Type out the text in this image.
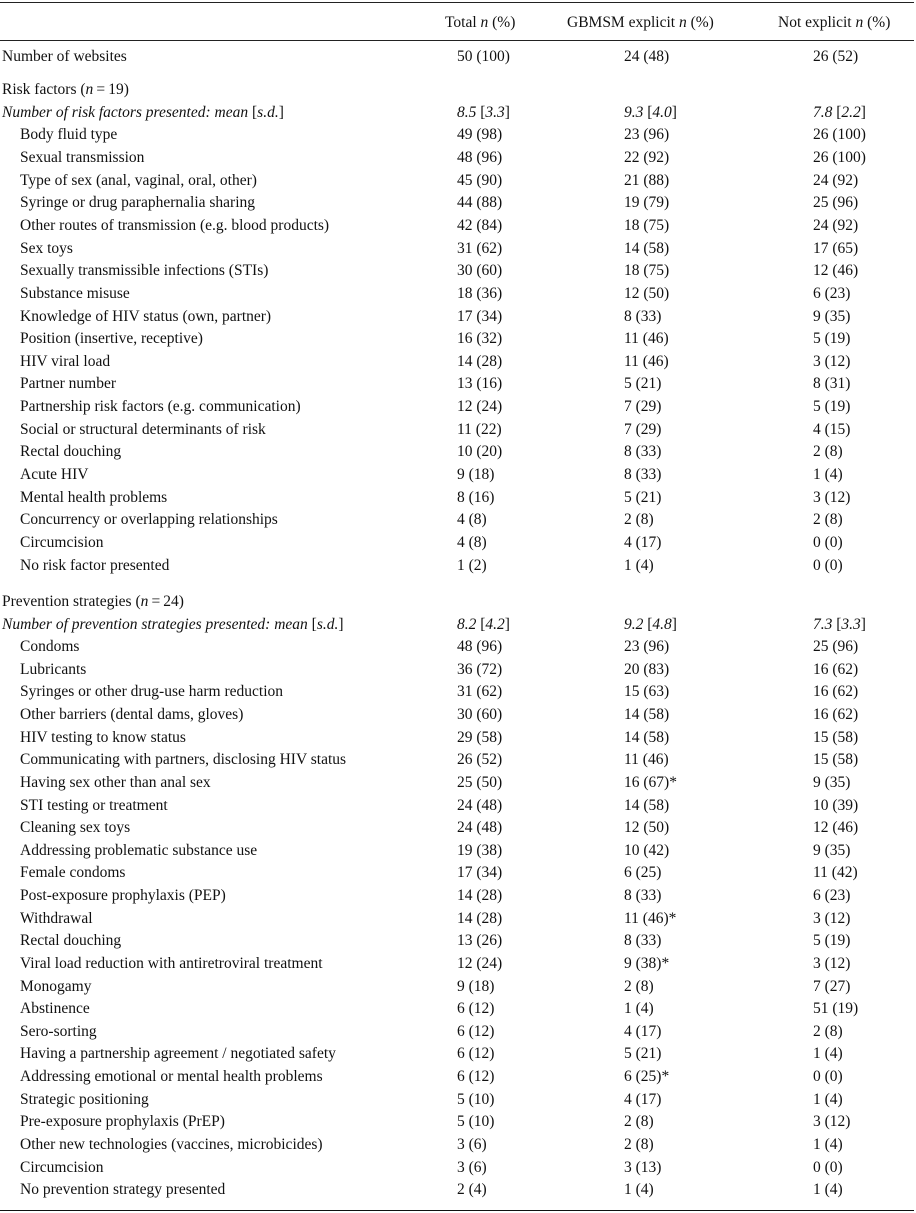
Total n (%)	GBMSM explicit n (%)	Not explicit n (%)
Number of websites	50 (100)	24 (48)	26 (52)
Risk factors (n = 19)
Number of risk factors presented: mean [s.d.]	8.5 [3.3]	9.3 [4.0]	7.8 [2.2]
Body fluid type	49 (98)	23 (96)	26 (100)
Sexual transmission	48 (96)	22 (92)	26 (100)
Type of sex (anal, vaginal, oral, other)	45 (90)	21 (88)	24 (92)
Syringe or drug paraphernalia sharing	44 (88)	19 (79)	25 (96)
Other routes of transmission (e.g. blood products)	42 (84)	18 (75)	24 (92)
Sex toys	31 (62)	14 (58)	17 (65)
Sexually transmissible infections (STIs)	30 (60)	18 (75)	12 (46)
Substance misuse	18 (36)	12 (50)	6 (23)
Knowledge of HIV status (own, partner)	17 (34)	8 (33)	9 (35)
Position (insertive, receptive)	16 (32)	11 (46)	5 (19)
HIV viral load	14 (28)	11 (46)	3 (12)
Partner number	13 (16)	5 (21)	8 (31)
Partnership risk factors (e.g. communication)	12 (24)	7 (29)	5 (19)
Social or structural determinants of risk	11 (22)	7 (29)	4 (15)
Rectal douching	10 (20)	8 (33)	2 (8)
Acute HIV	9 (18)	8 (33)	1 (4)
Mental health problems	8 (16)	5 (21)	3 (12)
Concurrency or overlapping relationships	4 (8)	2 (8)	2 (8)
Circumcision	4 (8)	4 (17)	0 (0)
No risk factor presented	1 (2)	1 (4)	0 (0)
Prevention strategies (n = 24)
Number of prevention strategies presented: mean [s.d.]	8.2 [4.2]	9.2 [4.8]	7.3 [3.3]
Condoms	48 (96)	23 (96)	25 (96)
Lubricants	36 (72)	20 (83)	16 (62)
Syringes or other drug-use harm reduction	31 (62)	15 (63)	16 (62)
Other barriers (dental dams, gloves)	30 (60)	14 (58)	16 (62)
HIV testing to know status	29 (58)	14 (58)	15 (58)
Communicating with partners, disclosing HIV status	26 (52)	11 (46)	15 (58)
Having sex other than anal sex	25 (50)	16 (67)*	9 (35)
STI testing or treatment	24 (48)	14 (58)	10 (39)
Cleaning sex toys	24 (48)	12 (50)	12 (46)
Addressing problematic substance use	19 (38)	10 (42)	9 (35)
Female condoms	17 (34)	6 (25)	11 (42)
Post-exposure prophylaxis (PEP)	14 (28)	8 (33)	6 (23)
Withdrawal	14 (28)	11 (46)*	3 (12)
Rectal douching	13 (26)	8 (33)	5 (19)
Viral load reduction with antiretroviral treatment	12 (24)	9 (38)*	3 (12)
Monogamy	9 (18)	2 (8)	7 (27)
Abstinence	6 (12)	1 (4)	51 (19)
Sero-sorting	6 (12)	4 (17)	2 (8)
Having a partnership agreement / negotiated safety	6 (12)	5 (21)	1 (4)
Addressing emotional or mental health problems	6 (12)	6 (25)*	0 (0)
Strategic positioning	5 (10)	4 (17)	1 (4)
Pre-exposure prophylaxis (PrEP)	5 (10)	2 (8)	3 (12)
Other new technologies (vaccines, microbicides)	3 (6)	2 (8)	1 (4)
Circumcision	3 (6)	3 (13)	0 (0)
No prevention strategy presented	2 (4)	1 (4)	1 (4)
